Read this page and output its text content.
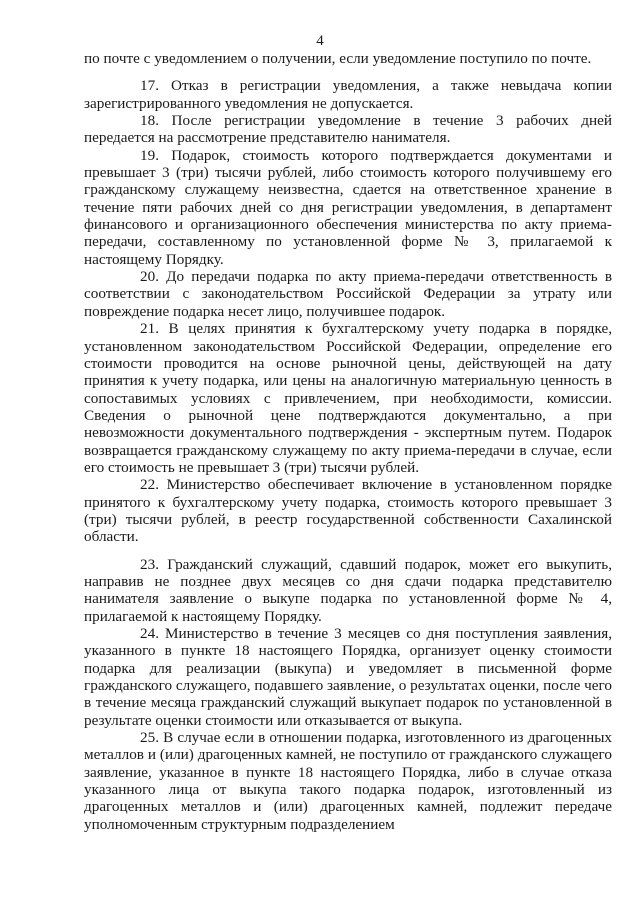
4

по почте с уведомлением о получении, если уведомление поступило по почте.

17. Отказ в регистрации уведомления, а также невыдача копии зарегистрированного уведомления не допускается.

18. После регистрации уведомление в течение 3 рабочих дней передается на рассмотрение представителю нанимателя.

19. Подарок, стоимость которого подтверждается документами и превышает 3 (три) тысячи рублей, либо стоимость которого получившему его гражданскому служащему неизвестна, сдается на ответственное хранение в течение пяти рабочих дней со дня регистрации уведомления, в департамент финансового и организационного обеспечения министерства по акту приема-передачи, составленному по установленной форме № 3, прилагаемой к настоящему Порядку.

20. До передачи подарка по акту приема-передачи ответственность в соответствии с законодательством Российской Федерации за утрату или повреждение подарка несет лицо, получившее подарок.

21. В целях принятия к бухгалтерскому учету подарка в порядке, установленном законодательством Российской Федерации, определение его стоимости проводится на основе рыночной цены, действующей на дату принятия к учету подарка, или цены на аналогичную материальную ценность в сопоставимых условиях с привлечением, при необходимости, комиссии. Сведения о рыночной цене подтверждаются документально, а при невозможности документального подтверждения - экспертным путем. Подарок возвращается гражданскому служащему по акту приема-передачи в случае, если его стоимость не превышает 3 (три) тысячи рублей.

22. Министерство обеспечивает включение в установленном порядке принятого к бухгалтерскому учету подарка, стоимость которого превышает 3 (три) тысячи рублей, в реестр государственной собственности Сахалинской области.

23. Гражданский служащий, сдавший подарок, может его выкупить, направив не позднее двух месяцев со дня сдачи подарка представителю нанимателя заявление о выкупе подарка по установленной форме № 4, прилагаемой к настоящему Порядку.

24. Министерство в течение 3 месяцев со дня поступления заявления, указанного в пункте 18 настоящего Порядка, организует оценку стоимости подарка для реализации (выкупа) и уведомляет в письменной форме гражданского служащего, подавшего заявление, о результатах оценки, после чего в течение месяца гражданский служащий выкупает подарок по установленной в результате оценки стоимости или отказывается от выкупа.

25. В случае если в отношении подарка, изготовленного из драгоценных металлов и (или) драгоценных камней, не поступило от гражданского служащего заявление, указанное в пункте 18 настоящего Порядка, либо в случае отказа указанного лица от выкупа такого подарка подарок, изготовленный из драгоценных металлов и (или) драгоценных камней, подлежит передаче уполномоченным структурным подразделением
